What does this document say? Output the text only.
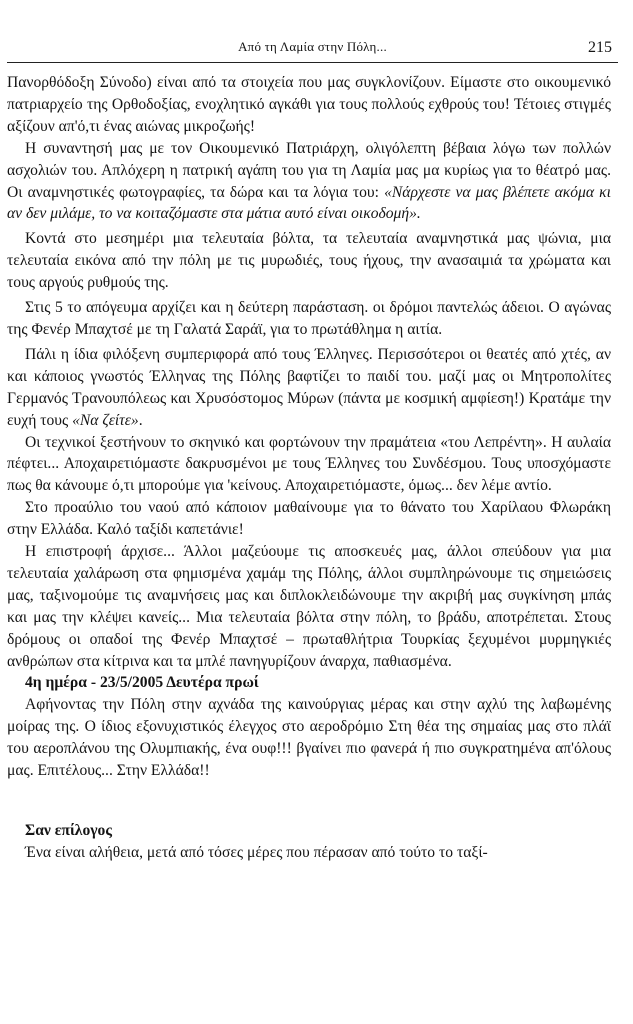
Από τη Λαμία στην Πόλη...	215

Πανορθόδοξη Σύνοδο) είναι από τα στοιχεία που μας συγκλονίζουν. Είμαστε στο οικουμενικό πατριαρχείο της Ορθοδοξίας, ενοχλητικό αγκάθι για τους πολλούς εχθρούς του! Τέτοιες στιγμές αξίζουν απ'ό,τι ένας αιώνας μικροζωής!

Η συναντησή μας με τον Οικουμενικό Πατριάρχη, ολιγόλεπτη βέβαια λόγω των πολλών ασχολιών του. Απλόχερη η πατρική αγάπη του για τη Λαμία μας μα κυρίως για το θέατρό μας. Οι αναμνηστικές φωτογραφίες, τα δώρα και τα λόγια του: «Νάρχεστε να μας βλέπετε ακόμα κι αν δεν μιλάμε, το να κοιταζόμαστε στα μάτια αυτό είναι οικοδομή».

Κοντά στο μεσημέρι μια τελευταία βόλτα, τα τελευταία αναμνηστικά μας ψώνια, μια τελευταία εικόνα από την πόλη με τις μυρωδιές, τους ήχους, την ανασαιμιά τα χρώματα και τους αργούς ρυθμούς της.

Στις 5 το απόγευμα αρχίζει και η δεύτερη παράσταση. οι δρόμοι παντελώς άδειοι. Ο αγώνας της Φενέρ Μπαχτσέ με τη Γαλατά Σαράϊ, για το πρωτάθλημα η αιτία.

Πάλι η ίδια φιλόξενη συμπεριφορά από τους Έλληνες. Περισσότεροι οι θεατές από χτές, αν και κάποιος γνωστός Έλληνας της Πόλης βαφτίζει το παιδί του. μαζί μας οι Μητροπολίτες Γερμανός Τρανουπόλεως και Χρυσόστομος Μύρων (πάντα με κοσμική αμφίεση!) Κρατάμε την ευχή τους «Να ζείτε».

Οι τεχνικοί ξεστήνουν το σκηνικό και φορτώνουν την πραμάτεια «του Λεπρέντη». Η αυλαία πέφτει... Αποχαιρετιόμαστε δακρυσμένοι με τους Έλληνες του Συνδέσμου. Τους υποσχόμαστε πως θα κάνουμε ό,τι μπορούμε για 'κείνους. Αποχαιρετιόμαστε, όμως... δεν λέμε αντίο.

Στο προαύλιο του ναού από κάποιον μαθαίνουμε για το θάνατο του Χαρίλαου Φλωράκη στην Ελλάδα. Καλό ταξίδι καπετάνιε!

Η επιστροφή άρχισε... Άλλοι μαζεύουμε τις αποσκευές μας, άλλοι σπεύδουν για μια τελευταία χαλάρωση στα φημισμένα χαμάμ της Πόλης, άλλοι συμπληρώνουμε τις σημειώσεις μας, ταξινομούμε τις αναμνήσεις μας και διπλοκλειδώνουμε την ακριβή μας συγκίνηση μπάς και μας την κλέψει κανείς... Μια τελευταία βόλτα στην πόλη, το βράδυ, αποτρέπεται. Στους δρόμους οι οπαδοί της Φενέρ Μπαχτσέ – πρωταθλήτρια Τουρκίας ξεχυμένοι μυρμηγκιές ανθρώπων στα κίτρινα και τα μπλέ πανηγυρίζουν άναρχα, παθιασμένα.

4η ημέρα - 23/5/2005 Δευτέρα πρωί

Αφήνοντας την Πόλη στην αχνάδα της καινούργιας μέρας και στην αχλύ της λαβωμένης μοίρας της. Ο ίδιος εξονυχιστικός έλεγχος στο αεροδρόμιο Στη θέα της σημαίας μας στο πλάϊ του αεροπλάνου της Ολυμπιακής, ένα ουφ!!! βγαίνει πιο φανερά ή πιο συγκρατημένα απ'όλους μας. Επιτέλους... Στην Ελλάδα!!

Σαν επίλογος

Ένα είναι αλήθεια, μετά από τόσες μέρες που πέρασαν από τούτο το ταξί-
